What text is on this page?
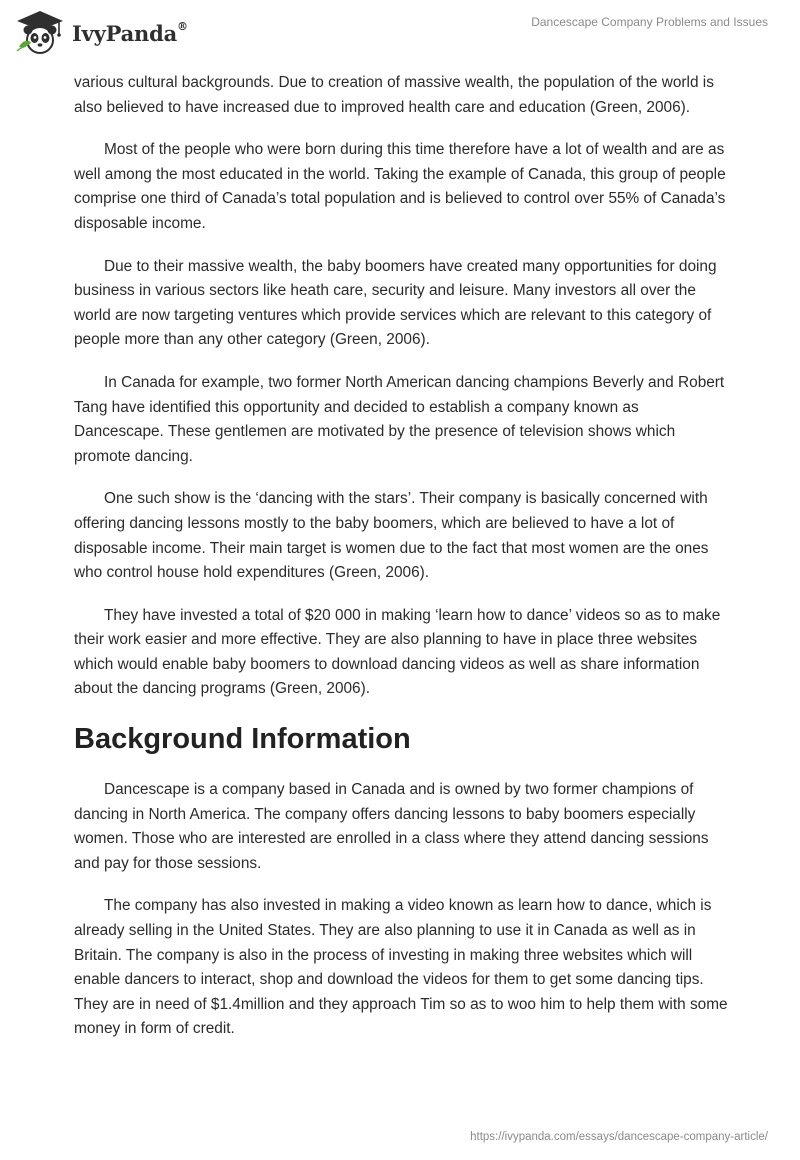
IvyPanda®	Dancescape Company Problems and Issues

various cultural backgrounds. Due to creation of massive wealth, the population of the world is also believed to have increased due to improved health care and education (Green, 2006).

Most of the people who were born during this time therefore have a lot of wealth and are as well among the most educated in the world. Taking the example of Canada, this group of people comprise one third of Canada’s total population and is believed to control over 55% of Canada’s disposable income.

Due to their massive wealth, the baby boomers have created many opportunities for doing business in various sectors like heath care, security and leisure. Many investors all over the world are now targeting ventures which provide services which are relevant to this category of people more than any other category (Green, 2006).

In Canada for example, two former North American dancing champions Beverly and Robert Tang have identified this opportunity and decided to establish a company known as Dancescape. These gentlemen are motivated by the presence of television shows which promote dancing.

One such show is the ‘dancing with the stars’. Their company is basically concerned with offering dancing lessons mostly to the baby boomers, which are believed to have a lot of disposable income. Their main target is women due to the fact that most women are the ones who control house hold expenditures (Green, 2006).

They have invested a total of $20 000 in making ‘learn how to dance’ videos so as to make their work easier and more effective. They are also planning to have in place three websites which would enable baby boomers to download dancing videos as well as share information about the dancing programs (Green, 2006).

Background Information

Dancescape is a company based in Canada and is owned by two former champions of dancing in North America. The company offers dancing lessons to baby boomers especially women. Those who are interested are enrolled in a class where they attend dancing sessions and pay for those sessions.

The company has also invested in making a video known as learn how to dance, which is already selling in the United States. They are also planning to use it in Canada as well as in Britain. The company is also in the process of investing in making three websites which will enable dancers to interact, shop and download the videos for them to get some dancing tips. They are in need of $1.4million and they approach Tim so as to woo him to help them with some money in form of credit.

https://ivypanda.com/essays/dancescape-company-article/
